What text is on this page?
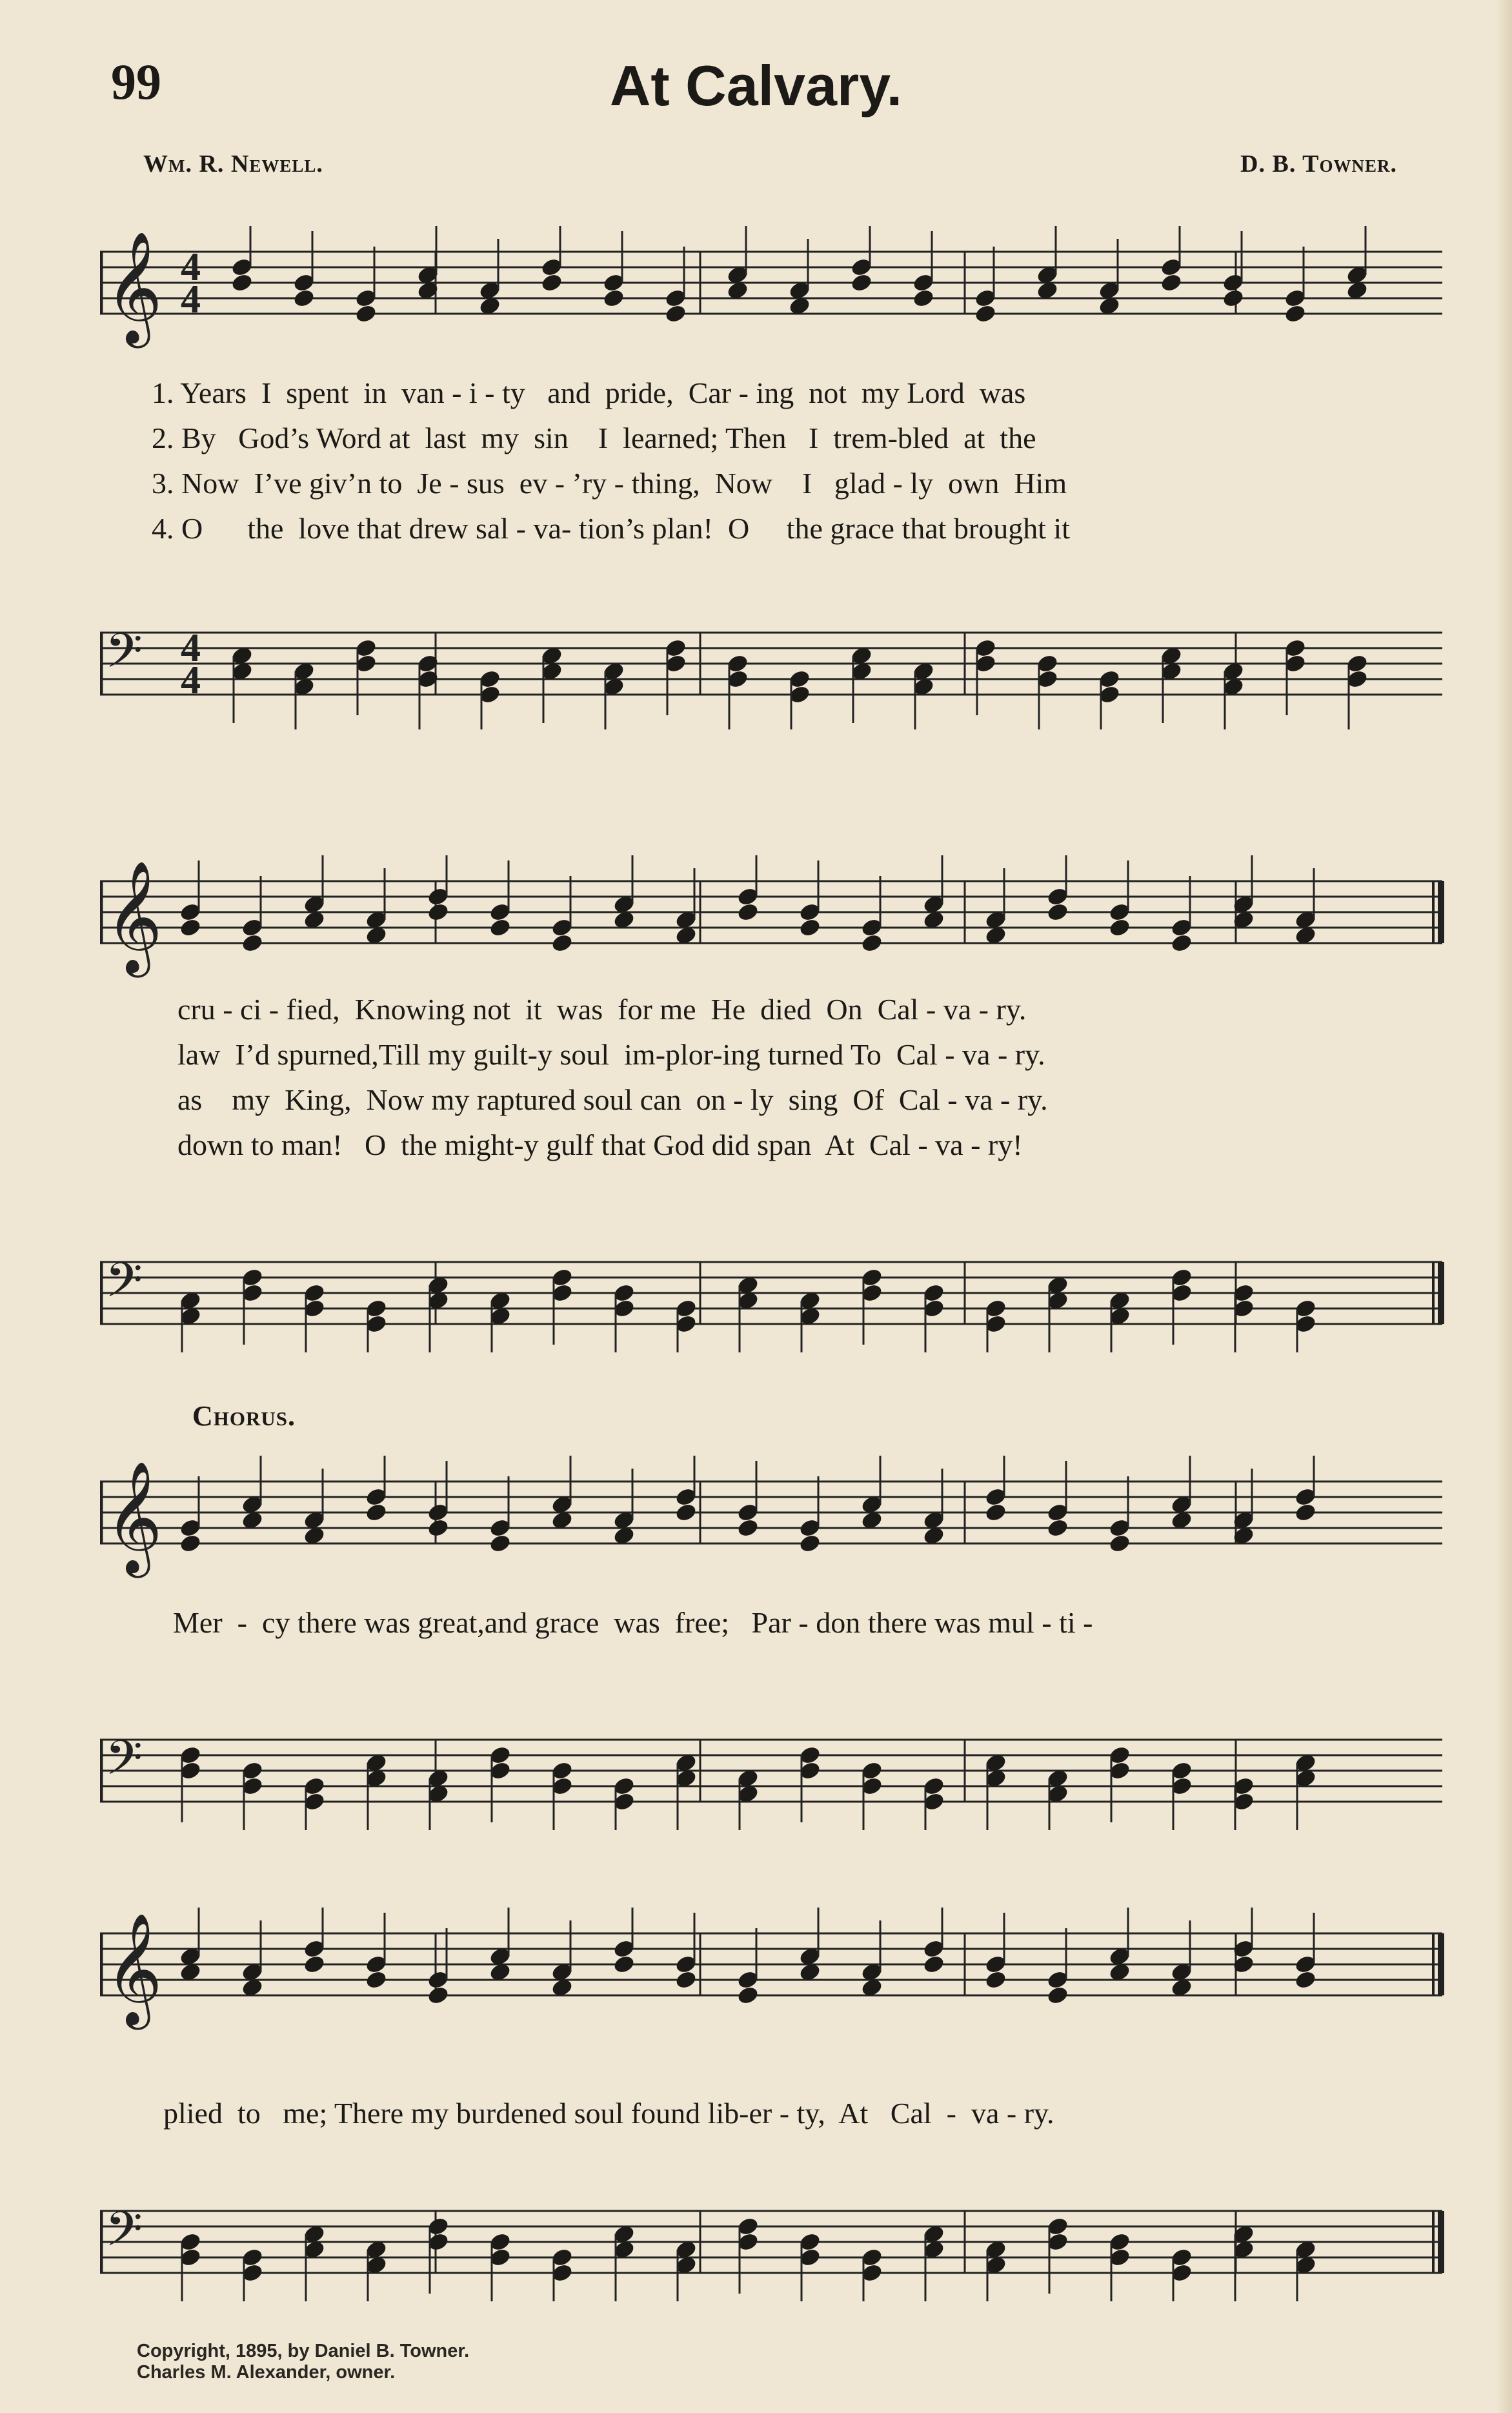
99	At Calvary.
Wm. R. Newell.	D. B. Towner.
𝄞 4
4
1. Years  I  spent  in  van - i - ty   and  pride,  Car - ing  not  my Lord  was
2. By   God’s Word at  last  my  sin    I  learned; Then   I  trem-bled  at  the
3. Now  I’ve giv’n to  Je - sus  ev - ’ry - thing,  Now    I   glad - ly  own  Him
4. O      the  love that drew sal - va- tion’s plan!  O     the grace that brought it
𝄢 4
4
𝄞
cru - ci - fied,  Knowing not  it  was  for me  He  died  On  Cal - va - ry.
law  I’d spurned,Till my guilt-y soul  im-plor-ing turned To  Cal - va - ry.
as    my  King,  Now my raptured soul can  on - ly  sing  Of  Cal - va - ry.
down to man!   O  the might-y gulf that God did span  At  Cal - va - ry!
𝄢
Chorus.
𝄞
Mer  -  cy there was great,and grace  was  free;   Par - don there was mul - ti -
𝄢
𝄞
plied  to   me; There my burdened soul found lib-er - ty,  At   Cal  -  va - ry.
𝄢
Copyright, 1895, by Daniel B. Towner.
Charles M. Alexander, owner.
